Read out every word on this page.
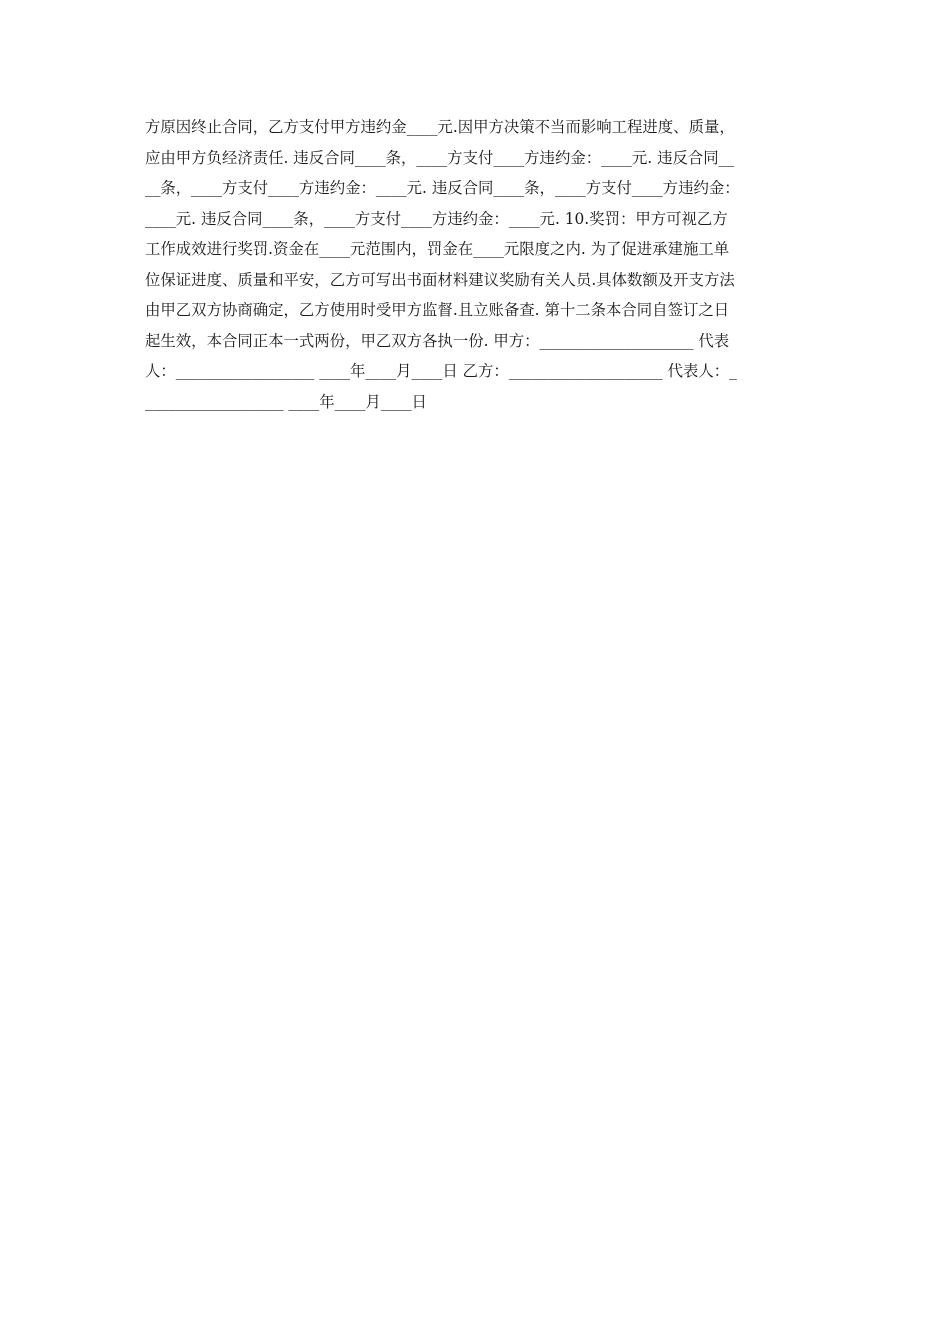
方原因终止合同，乙方支付甲方违约金____元.因甲方决策不当而影响工程进度、质量，
应由甲方负经济责任. 违反合同____条，____方支付____方违约金：____元. 违反合同__
__条，____方支付____方违约金：____元. 违反合同____条，____方支付____方违约金：
____元. 违反合同____条，____方支付____方违约金：____元. 10.奖罚：甲方可视乙方
工作成效进行奖罚.资金在____元范围内，罚金在____元限度之内. 为了促进承建施工单
位保证进度、质量和平安，乙方可写出书面材料建议奖励有关人员.具体数额及开支方法
由甲乙双方协商确定，乙方使用时受甲方监督.且立账备查. 第十二条本合同自签订之日
起生效，本合同正本一式两份，甲乙双方各执一份. 甲方：____________________ 代表
人：__________________ ____年____月____日 乙方：____________________ 代表人：_
__________________ ____年____月____日
